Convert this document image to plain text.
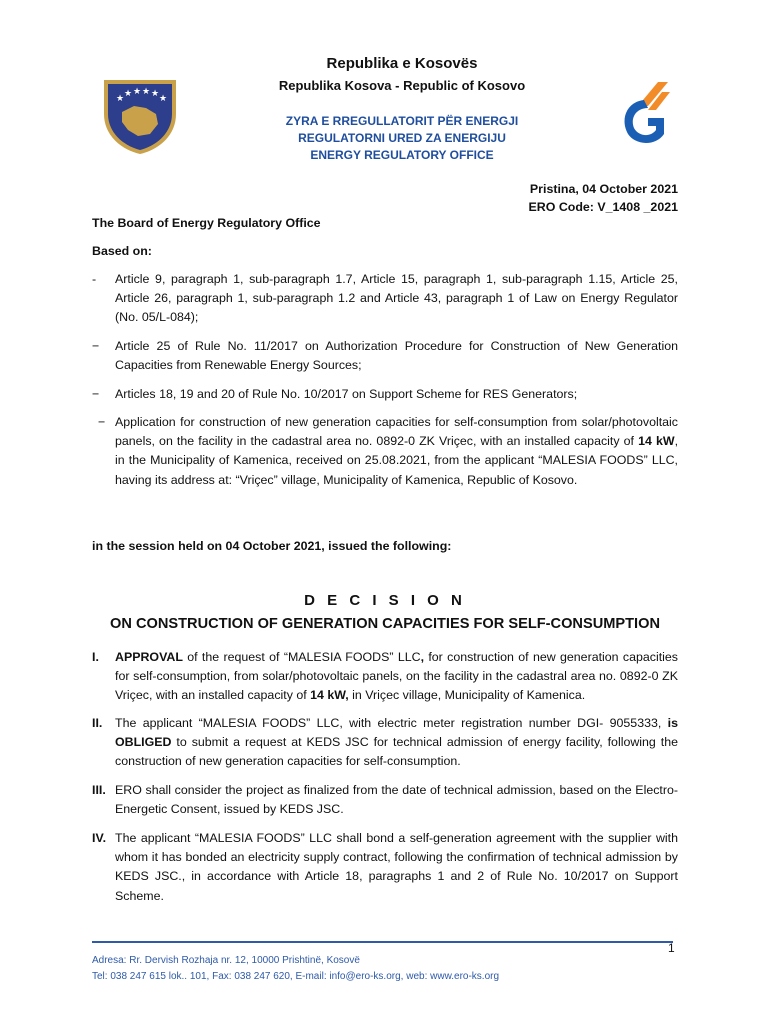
★ ★ ★ ★ ★ ★
Republika e Kosovës
Republika Kosova - Republic of Kosovo
ZYRA E RREGULLATORIT PËR ENERGJI
REGULATORNI URED ZA ENERGIJU
ENERGY REGULATORY OFFICE
Pristina, 04 October 2021
ERO Code: V_1408 _2021
The Board of Energy Regulatory Office
Based on:
- Article 9, paragraph 1, sub-paragraph 1.7, Article 15, paragraph 1, sub-paragraph 1.15, Article 25, Article 26, paragraph 1, sub-paragraph 1.2 and Article 43, paragraph 1 of Law on Energy Regulator (No. 05/L-084);
− Article 25 of Rule No. 11/2017 on Authorization Procedure for Construction of New Generation Capacities from Renewable Energy Sources;
− Articles 18, 19 and 20 of Rule No. 10/2017 on Support Scheme for RES Generators;
− Application for construction of new generation capacities for self-consumption from solar/photovoltaic panels, on the facility in the cadastral area no. 0892-0 ZK Vriçec, with an installed capacity of 14 kW, in the Municipality of Kamenica, received on 25.08.2021, from the applicant “MALESIA FOODS” LLC, having its address at: “Vriçec” village, Municipality of Kamenica, Republic of Kosovo.
in the session held on 04 October 2021, issued the following:
D E C I S I O N
ON CONSTRUCTION OF GENERATION CAPACITIES FOR SELF-CONSUMPTION
I. APPROVAL of the request of “MALESIA FOODS” LLC, for construction of new generation capacities for self-consumption, from solar/photovoltaic panels, on the facility in the cadastral area no. 0892-0 ZK Vriçec, with an installed capacity of 14 kW, in Vriçec village, Municipality of Kamenica.
II. The applicant “MALESIA FOODS” LLC, with electric meter registration number DGI- 9055333, is OBLIGED to submit a request at KEDS JSC for technical admission of energy facility, following the construction of new generation capacities for self-consumption.
III. ERO shall consider the project as finalized from the date of technical admission, based on the Electro-Energetic Consent, issued by KEDS JSC.
IV. The applicant “MALESIA FOODS” LLC shall bond a self-generation agreement with the supplier with whom it has bonded an electricity supply contract, following the confirmation of technical admission by KEDS JSC., in accordance with Article 18, paragraphs 1 and 2 of Rule No. 10/2017 on Support Scheme.
1
Adresa: Rr. Dervish Rozhaja nr. 12, 10000 Prishtinë, Kosovë
Tel: 038 247 615 lok.. 101, Fax: 038 247 620, E-mail: info@ero-ks.org, web: www.ero-ks.org
